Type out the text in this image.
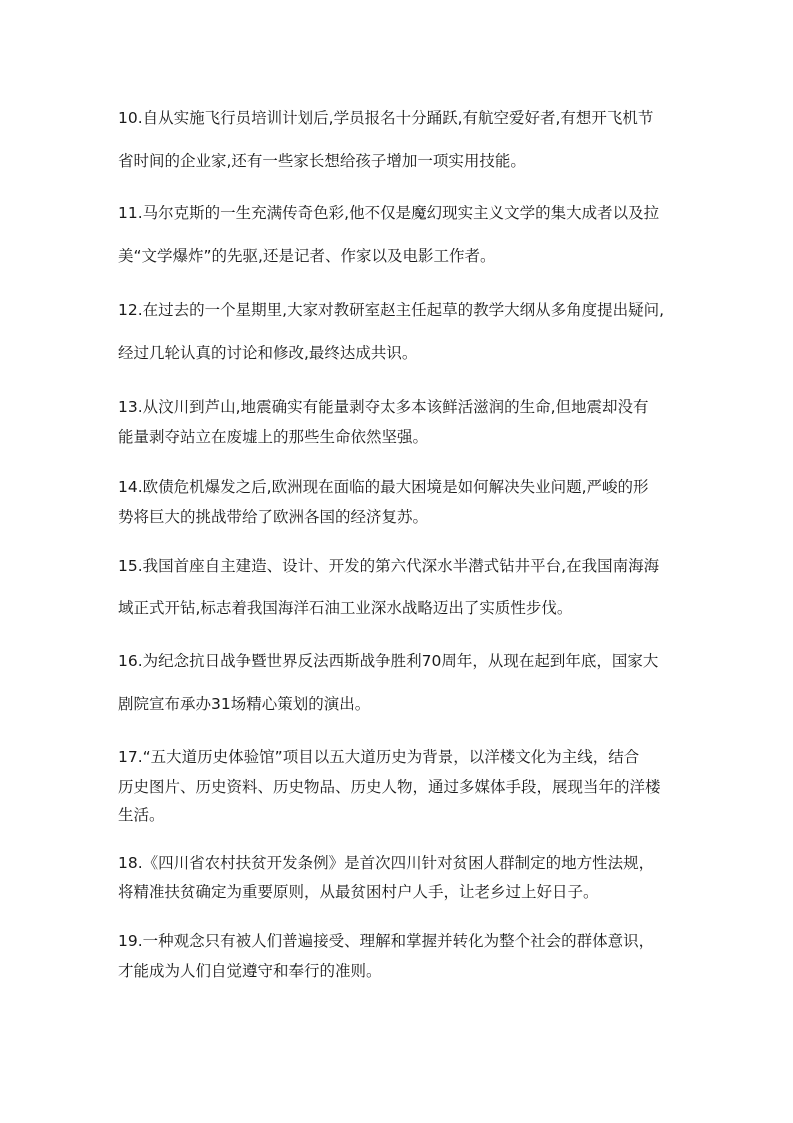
10.自从实施飞行员培训计划后,学员报名十分踊跃,有航空爱好者,有想开飞机节
省时间的企业家,还有一些家长想给孩子增加一项实用技能。
11.马尔克斯的一生充满传奇色彩,他不仅是魔幻现实主义文学的集大成者以及拉
美“文学爆炸”的先驱,还是记者、作家以及电影工作者。
12.在过去的一个星期里,大家对教研室赵主任起草的教学大纲从多角度提出疑问,
经过几轮认真的讨论和修改,最终达成共识。
13.从汶川到芦山,地震确实有能量剥夺太多本该鲜活滋润的生命,但地震却没有
能量剥夺站立在废墟上的那些生命依然坚强。
14.欧债危机爆发之后,欧洲现在面临的最大困境是如何解决失业问题,严峻的形
势将巨大的挑战带给了欧洲各国的经济复苏。
15.我国首座自主建造、设计、开发的第六代深水半潜式钻井平台,在我国南海海
域正式开钻,标志着我国海洋石油工业深水战略迈出了实质性步伐。
16.为纪念抗日战争暨世界反法西斯战争胜利70周年，从现在起到年底，国家大
剧院宣布承办31场精心策划的演出。
17.“五大道历史体验馆”项目以五大道历史为背景，以洋楼文化为主线，结合
历史图片、历史资料、历史物品、历史人物，通过多媒体手段，展现当年的洋楼
生活。
18.《四川省农村扶贫开发条例》是首次四川针对贫困人群制定的地方性法规，
将精准扶贫确定为重要原则，从最贫困村户人手，让老乡过上好日子。
19.一种观念只有被人们普遍接受、理解和掌握并转化为整个社会的群体意识，
才能成为人们自觉遵守和奉行的准则。
